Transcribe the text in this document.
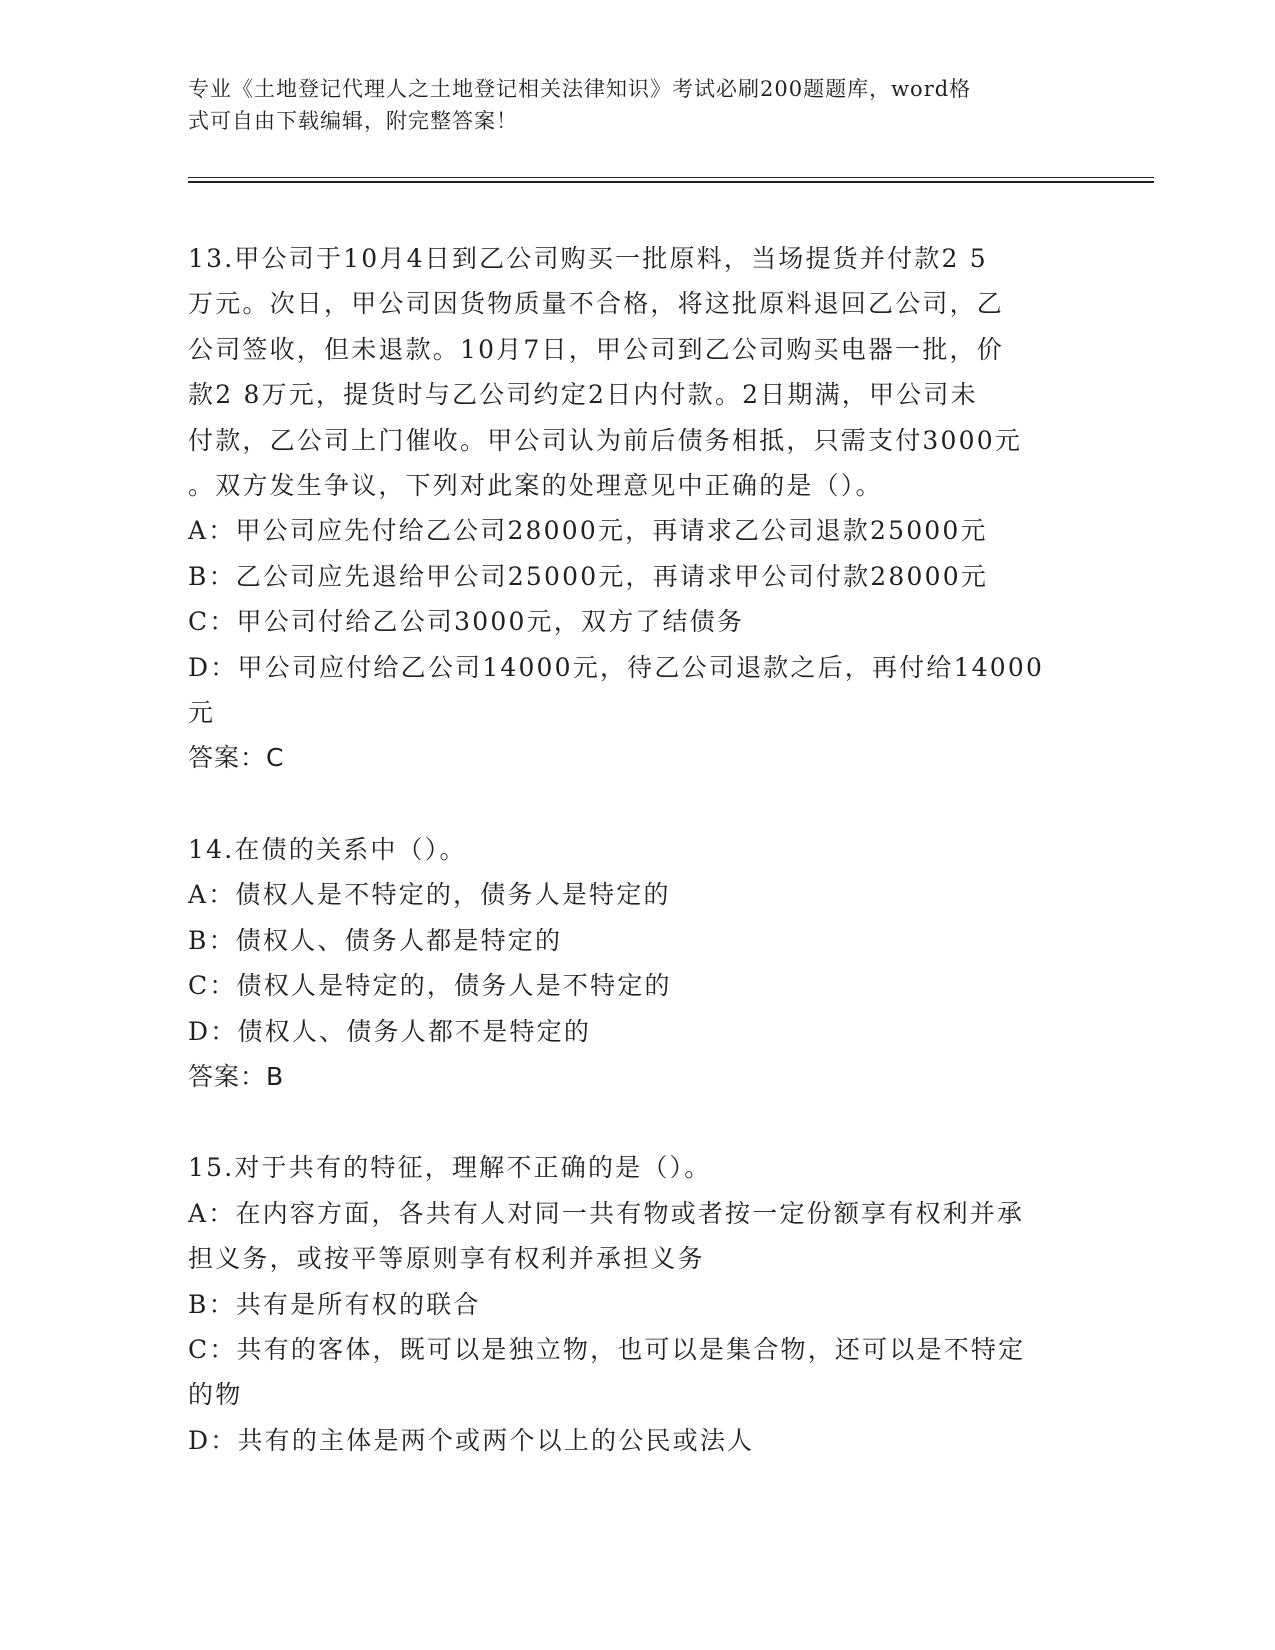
专业《土地登记代理人之土地登记相关法律知识》考试必刷200题题库，word格
式可自由下载编辑，附完整答案！
13.甲公司于10月4日到乙公司购买一批原料，当场提货并付款2 5
万元。次日，甲公司因货物质量不合格，将这批原料退回乙公司，乙
公司签收，但未退款。10月7日，甲公司到乙公司购买电器一批，价
款2 8万元，提货时与乙公司约定2日内付款。2日期满，甲公司未
付款，乙公司上门催收。甲公司认为前后债务相抵，只需支付3000元
。双方发生争议，下列对此案的处理意见中正确的是（）。
A：甲公司应先付给乙公司28000元，再请求乙公司退款25000元
B：乙公司应先退给甲公司25000元，再请求甲公司付款28000元
C：甲公司付给乙公司3000元，双方了结债务
D：甲公司应付给乙公司14000元，待乙公司退款之后，再付给14000
元
答案：C
14.在债的关系中（）。
A：债权人是不特定的，债务人是特定的
B：债权人、债务人都是特定的
C：债权人是特定的，债务人是不特定的
D：债权人、债务人都不是特定的
答案：B
15.对于共有的特征，理解不正确的是（）。
A：在内容方面，各共有人对同一共有物或者按一定份额享有权利并承
担义务，或按平等原则享有权利并承担义务
B：共有是所有权的联合
C：共有的客体，既可以是独立物，也可以是集合物，还可以是不特定
的物
D：共有的主体是两个或两个以上的公民或法人
